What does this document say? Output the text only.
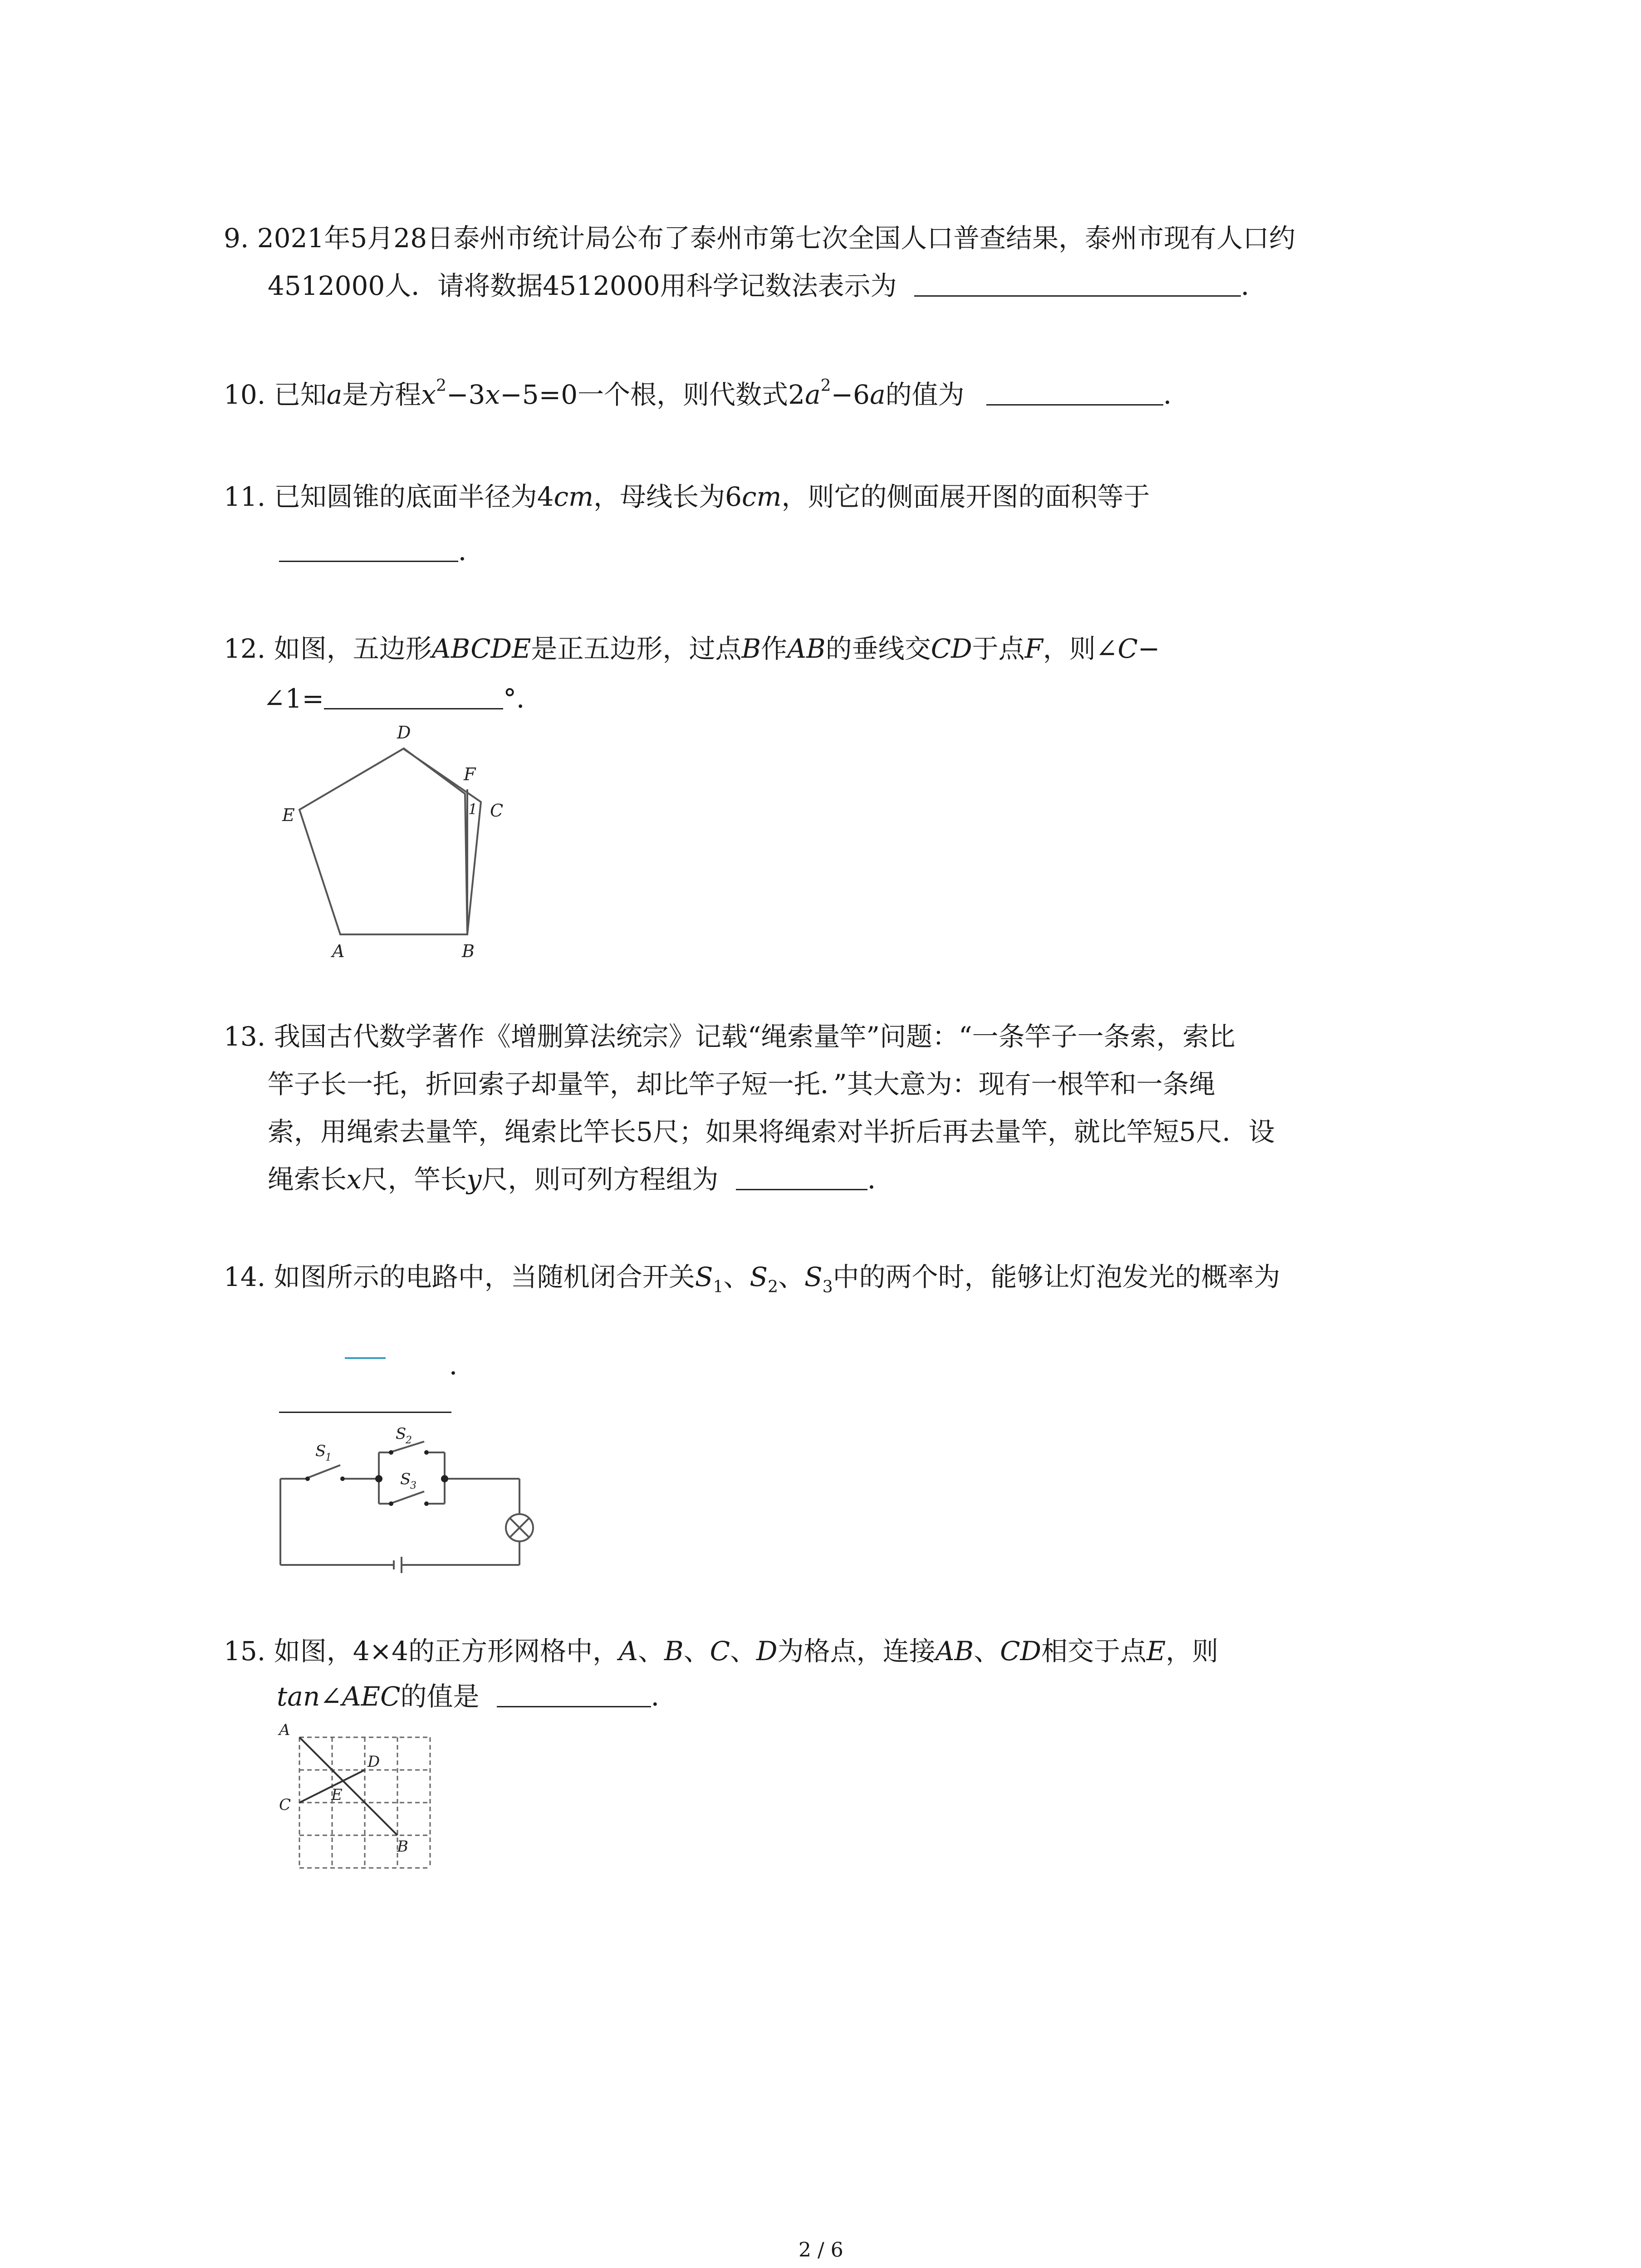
9. 2021年5月28日泰州市统计局公布了泰州市第七次全国人口普查结果，泰州市现有人口约
4512000人．请将数据4512000用科学记数法表示为	．
10. 已知a是方程$x^2-3x-5=0$一个根，则代数式$2a^2-6a$的值为	．
11. 已知圆锥的底面半径为4cm，母线长为6cm，则它的侧面展开图的面积等于
．
12. 如图，五边形ABCDE是正五边形，过点B作AB的垂线交CD于点F，则∠C−
∠1=	°．
D
F
1 C
E
A	B
13. 我国古代数学著作《增删算法统宗》记载“绳索量竿”问题：“一条竿子一条索，索比
竿子长一托，折回索子却量竿，却比竿子短一托．”其大意为：现有一根竿和一条绳
索，用绳索去量竿，绳索比竿长5尺；如果将绳索对半折后再去量竿，就比竿短5尺．设
绳索长x尺，竿长y尺，则可列方程组为	．
14. 如图所示的电路中，当随机闭合开关$S_1$、$S_2$、$S_3$中的两个时，能够让灯泡发光的概率为
．
S
1
S
2
S
3
15. 如图，4×4的正方形网格中，A、B、C、D为格点，连接AB、CD相交于点E，则
tan∠AEC的值是	．
A
D
E
C
B
2 / 6
